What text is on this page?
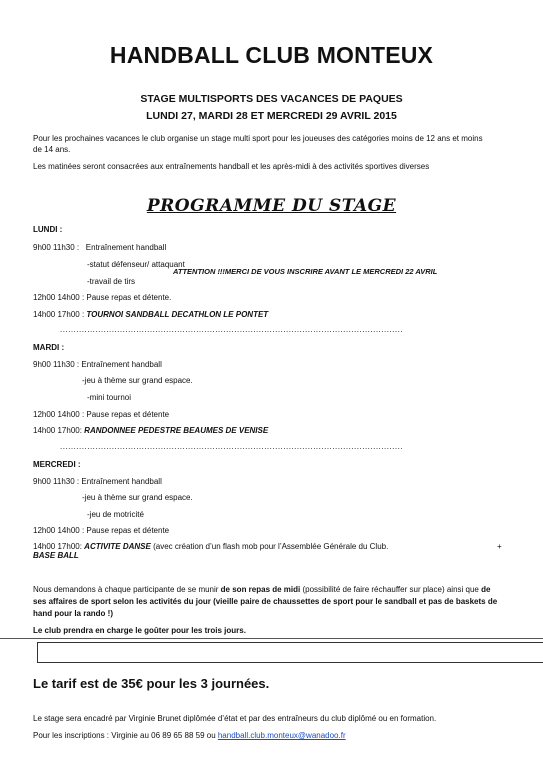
HANDBALL CLUB MONTEUX
STAGE MULTISPORTS DES VACANCES DE PAQUES
LUNDI 27, MARDI 28 ET MERCREDI 29 AVRIL 2015
Pour les prochaines vacances le club organise un stage multi sport pour les joueuses des catégories moins de 12 ans et moins
de 14 ans.
Les matinées seront consacrées aux entraînements handball et les après-midi à des activités sportives diverses
PROGRAMME DU STAGE
LUNDI :
9h00 11h30 : Entraînement handball
-statut défenseur/ attaquant
ATTENTION !!!MERCI DE VOUS INSCRIRE AVANT LE MERCREDI 22 AVRIL
-travail de tirs
12h00 14h00 : Pause repas et détente.
14h00 17h00 : TOURNOI SANDBALL DECATHLON LE PONTET
..............................................................................................................................
MARDI :
9h00 11h30 : Entraînement handball
-jeu à thème sur grand espace.
-mini tournoi
12h00 14h00 : Pause repas et détente
14h00 17h00: RANDONNEE PEDESTRE BEAUMES DE VENISE
..............................................................................................................................
MERCREDI :
9h00 11h30 : Entraînement handball
-jeu à thème sur grand espace.
-jeu de motricité
12h00 14h00 : Pause repas et détente
14h00 17h00: ACTIVITE DANSE (avec création d’un flash mob pour l’Assemblée Générale du Club.	+
BASE BALL
Nous demandons à chaque participante de se munir de son repas de midi (possibilité de faire réchauffer sur place) ainsi que de
ses affaires de sport selon les activités du jour (vieille paire de chaussettes de sport pour le sandball et pas de baskets de
hand pour la rando !)
Le club prendra en charge le goûter pour les trois jours.
Le tarif est de 35€ pour les 3 journées.
Le stage sera encadré par Virginie Brunet diplômée d’état et par des entraîneurs du club diplômé ou en formation.
Pour les inscriptions : Virginie au 06 89 65 88 59 ou handball.club.monteux@wanadoo.fr
